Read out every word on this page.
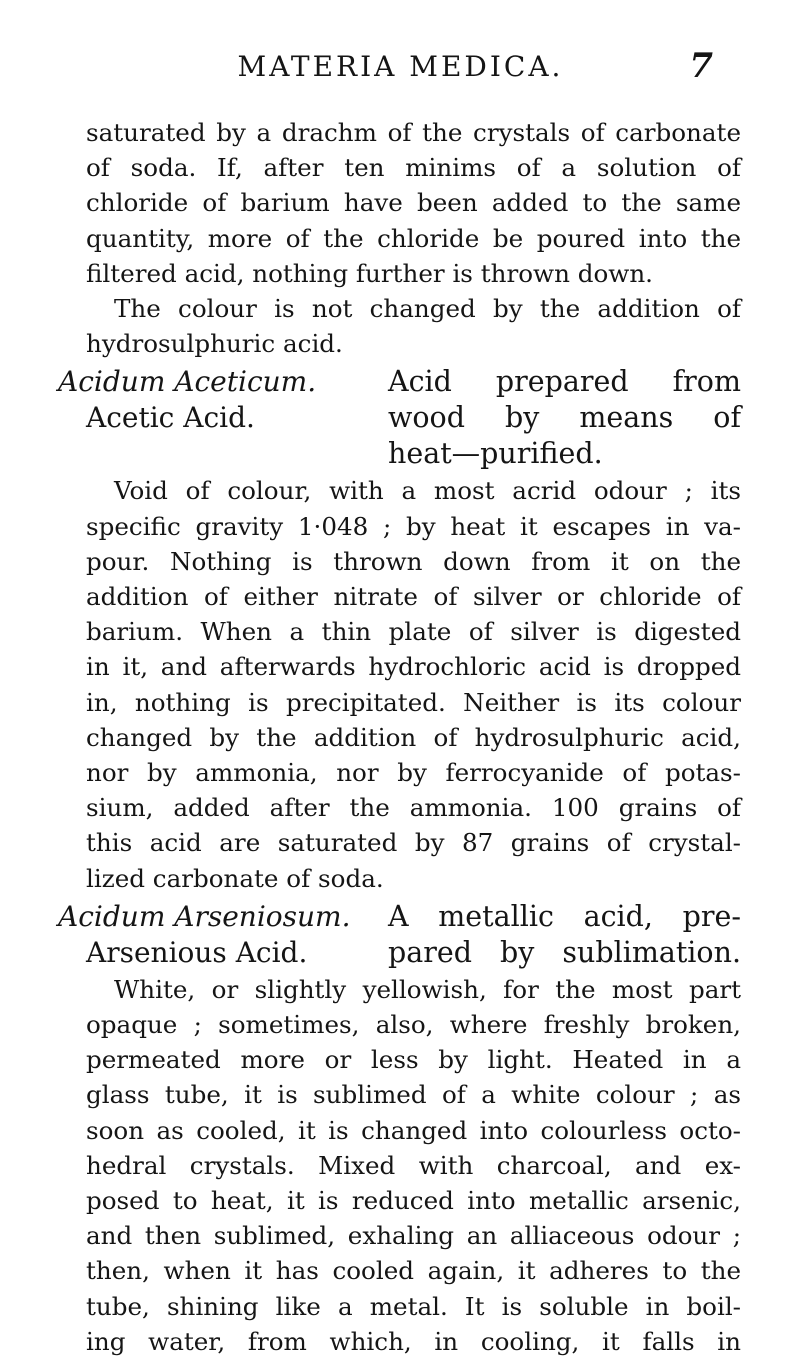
MATERIA MEDICA.	7
saturated by a drachm of the crystals of carbonate
of soda. If, after ten minims of a solution of
chloride of barium have been added to the same
quantity, more of the chloride be poured into the
filtered acid, nothing further is thrown down.
The colour is not changed by the addition of
hydrosulphuric acid.
Acidum Aceticum.
Acetic Acid.
Acid prepared from
wood by means of
heat—purified.
Void of colour, with a most acrid odour ; its
specific gravity 1·048 ; by heat it escapes in va-
pour. Nothing is thrown down from it on the
addition of either nitrate of silver or chloride of
barium. When a thin plate of silver is digested
in it, and afterwards hydrochloric acid is dropped
in, nothing is precipitated. Neither is its colour
changed by the addition of hydrosulphuric acid,
nor by ammonia, nor by ferrocyanide of potas-
sium, added after the ammonia. 100 grains of
this acid are saturated by 87 grains of crystal-
lized carbonate of soda.
Acidum Arseniosum.
Arsenious Acid.
A metallic acid, pre-
pared by sublimation.
White, or slightly yellowish, for the most part
opaque ; sometimes, also, where freshly broken,
permeated more or less by light. Heated in a
glass tube, it is sublimed of a white colour ; as
soon as cooled, it is changed into colourless octo-
hedral crystals. Mixed with charcoal, and ex-
posed to heat, it is reduced into metallic arsenic,
and then sublimed, exhaling an alliaceous odour ;
then, when it has cooled again, it adheres to the
tube, shining like a metal. It is soluble in boil-
ing water, from which, in cooling, it falls in
